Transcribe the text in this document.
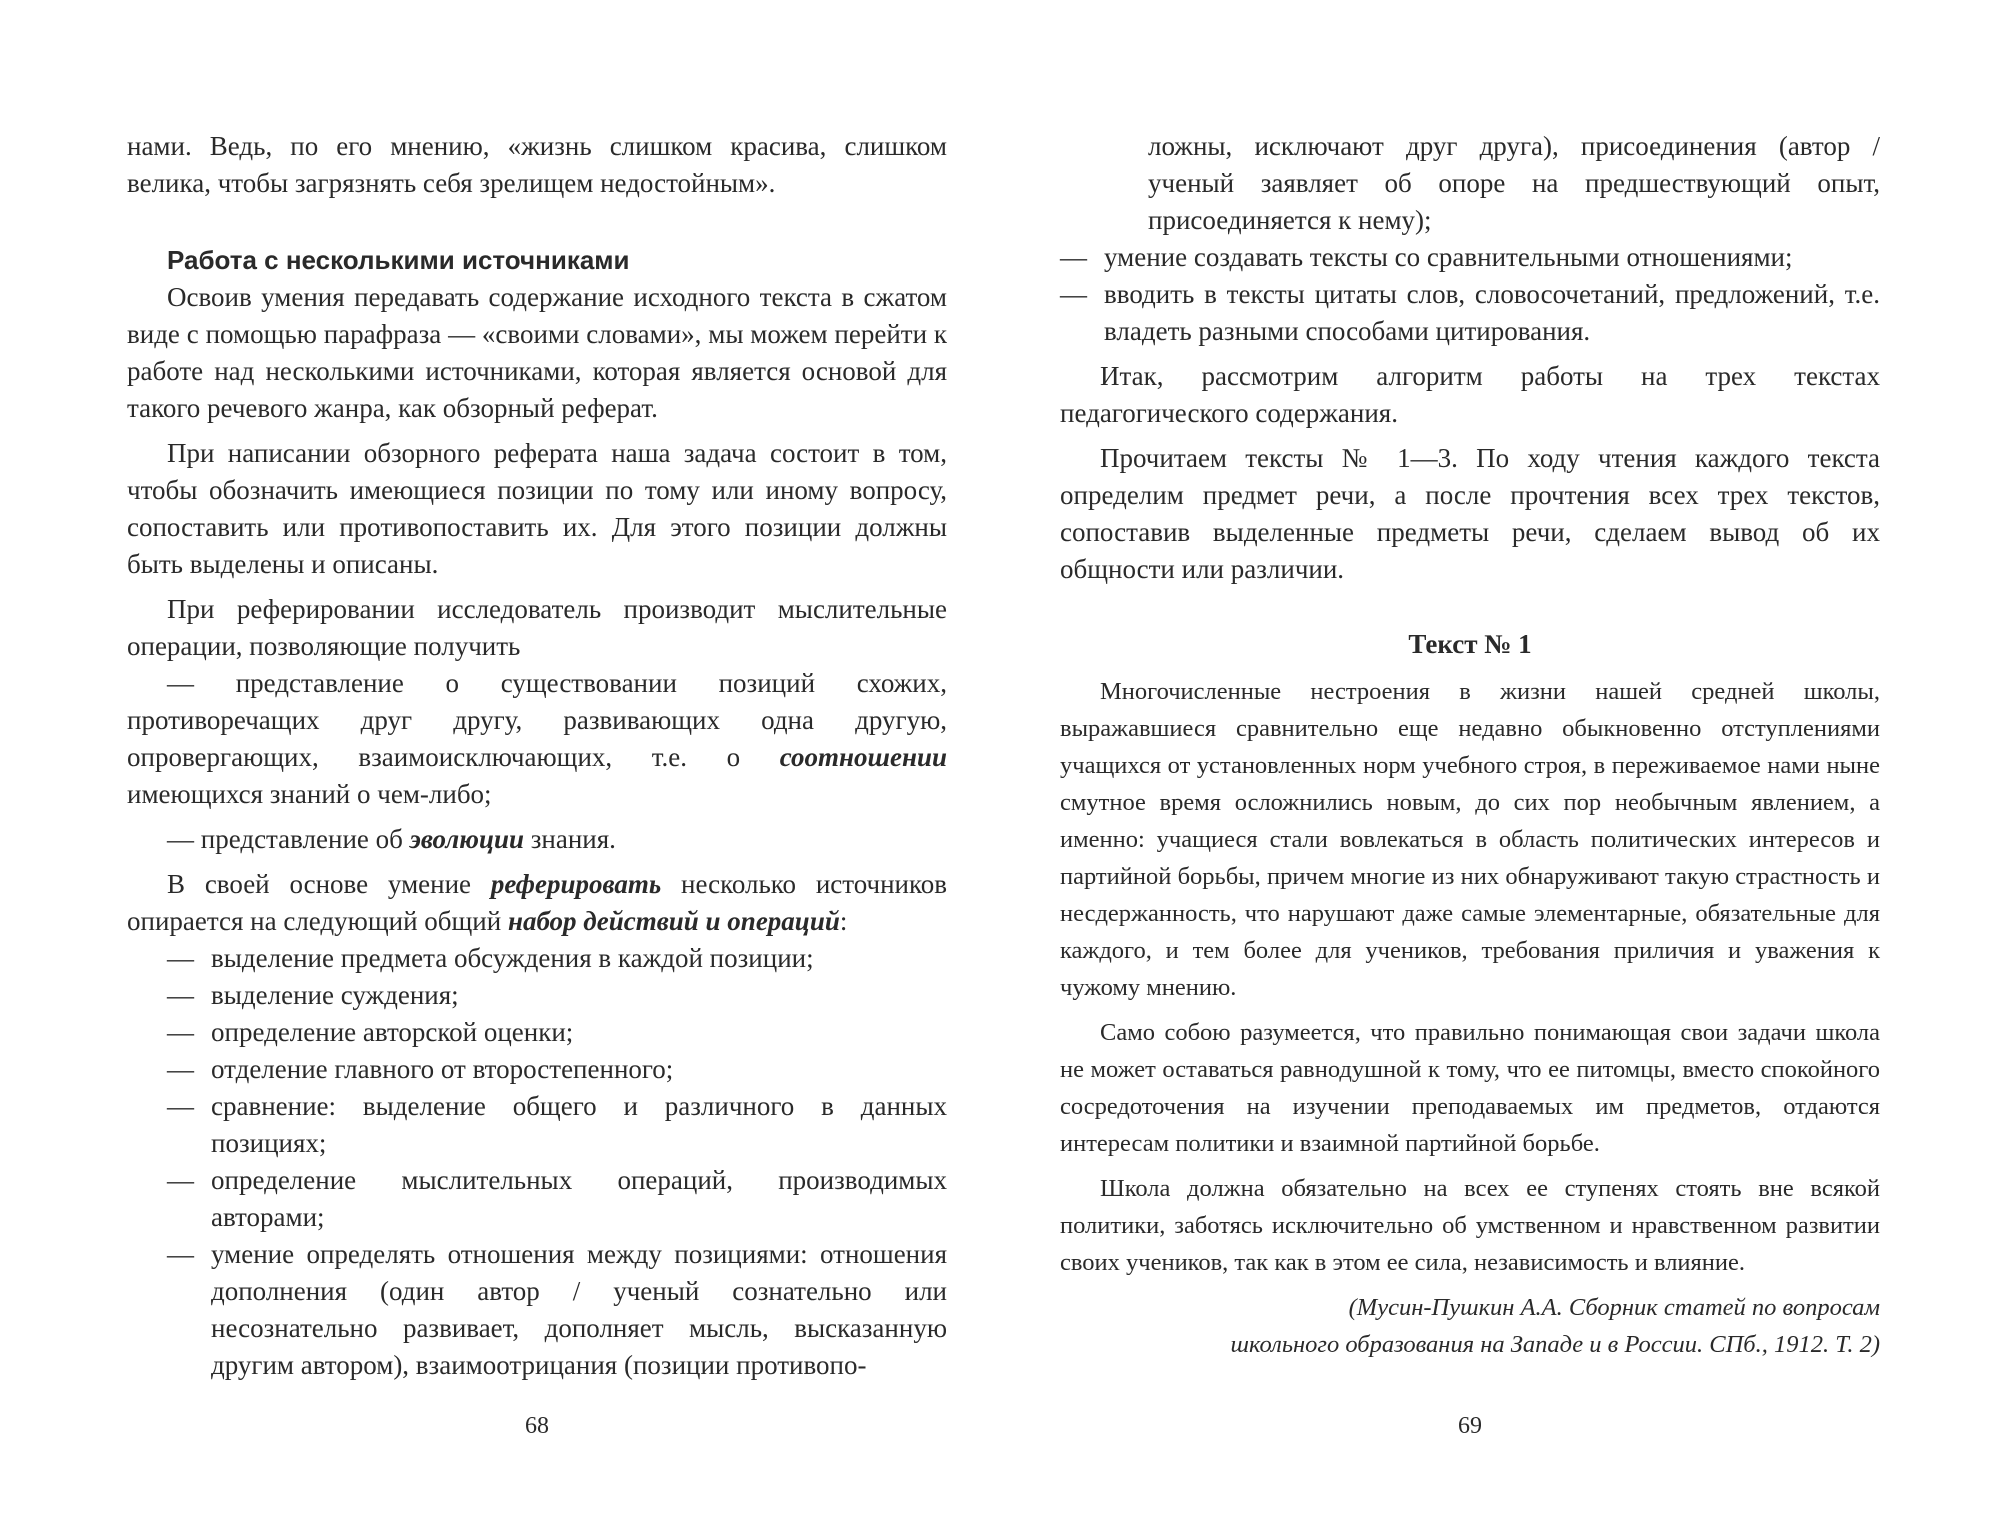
нами. Ведь, по его мнению, «жизнь слишком красива, слишком велика, чтобы загрязнять себя зрелищем недостойным».

Работа с несколькими источниками

Освоив умения передавать содержание исходного текста в сжатом виде с помощью парафраза — «своими словами», мы можем перейти к работе над несколькими источниками, которая является основой для такого речевого жанра, как обзорный реферат.

При написании обзорного реферата наша задача состоит в том, чтобы обозначить имеющиеся позиции по тому или иному вопросу, сопоставить или противопоставить их. Для этого позиции должны быть выделены и описаны.

При реферировании исследователь производит мыслительные операции, позволяющие получить

— представление о существовании позиций схожих, противоречащих друг другу, развивающих одна другую, опровергающих, взаимоисключающих, т.е. о соотношении имеющихся знаний о чем-либо;

— представление об эволюции знания.

В своей основе умение реферировать несколько источников опирается на следующий общий набор действий и операций:

— выделение предмета обсуждения в каждой позиции;
— выделение суждения;
— определение авторской оценки;
— отделение главного от второстепенного;
— сравнение: выделение общего и различного в данных позициях;
— определение мыслительных операций, производимых авторами;
— умение определять отношения между позициями: отношения дополнения (один автор / ученый сознательно или несознательно развивает, дополняет мысль, высказанную другим автором), взаимоотрицания (позиции противопо-
68

ложны, исключают друг друга), присоединения (автор / ученый заявляет об опоре на предшествующий опыт, присоединяется к нему);

— умение создавать тексты со сравнительными отношениями;
— вводить в тексты цитаты слов, словосочетаний, предложений, т.е. владеть разными способами цитирования.

Итак, рассмотрим алгоритм работы на трех текстах педагогического содержания.

Прочитаем тексты № 1—3. По ходу чтения каждого текста определим предмет речи, а после прочтения всех трех текстов, сопоставив выделенные предметы речи, сделаем вывод об их общности или различии.

Текст № 1

Многочисленные нестроения в жизни нашей средней школы, выражавшиеся сравнительно еще недавно обыкновенно отступлениями учащихся от установленных норм учебного строя, в переживаемое нами ныне смутное время осложнились новым, до сих пор необычным явлением, а именно: учащиеся стали вовлекаться в область политических интересов и партийной борьбы, причем многие из них обнаруживают такую страстность и несдержанность, что нарушают даже самые элементарные, обязательные для каждого, и тем более для учеников, требования приличия и уважения к чужому мнению.

Само собою разумеется, что правильно понимающая свои задачи школа не может оставаться равнодушной к тому, что ее питомцы, вместо спокойного сосредоточения на изучении преподаваемых им предметов, отдаются интересам политики и взаимной партийной борьбе.

Школа должна обязательно на всех ее ступенях стоять вне всякой политики, заботясь исключительно об умственном и нравственном развитии своих учеников, так как в этом ее сила, независимость и влияние.

(Мусин-Пушкин А.А. Сборник статей по вопросам
школьного образования на Западе и в России. СПб., 1912. Т. 2)
69
